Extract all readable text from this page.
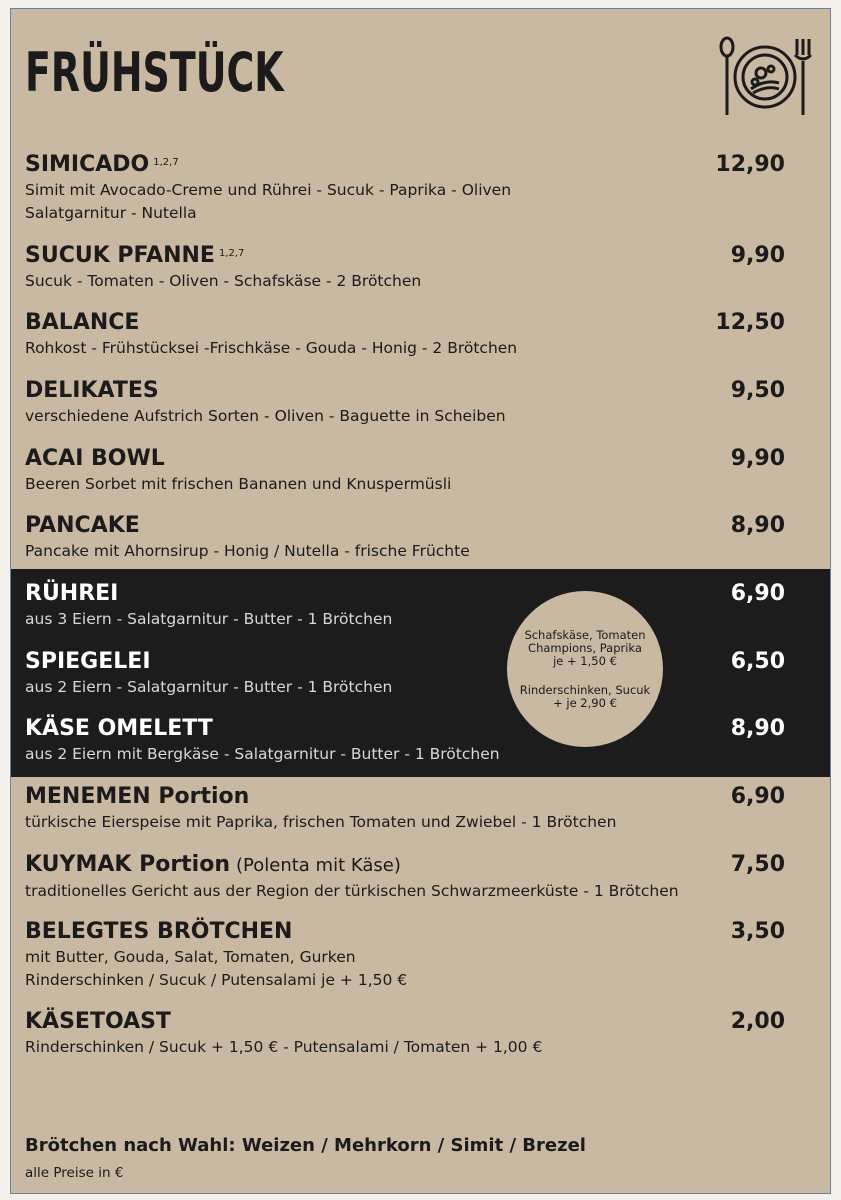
FRÜHSTÜCK
SIMICADO $^{1,2,7}$
Simit mit Avocado-Creme und Rührei - Sucuk - Paprika - Oliven
Salatgarnitur - Nutella
12,90
SUCUK PFANNE $^{1,2,7}$
Sucuk - Tomaten - Oliven - Schafskäse - 2 Brötchen
9,90
BALANCE
Rohkost - Frühstücksei -Frischkäse - Gouda - Honig - 2 Brötchen
12,50
DELIKATES
verschiedene Aufstrich Sorten - Oliven - Baguette in Scheiben
9,50
ACAI BOWL
Beeren Sorbet mit frischen Bananen und Knuspermüsli
9,90
PANCAKE
Pancake mit Ahornsirup - Honig / Nutella - frische Früchte
8,90
RÜHREI
aus 3 Eiern - Salatgarnitur - Butter - 1 Brötchen
6,90
SPIEGELEI
aus 2 Eiern - Salatgarnitur - Butter - 1 Brötchen
6,50
KÄSE OMELETT
aus 2 Eiern mit Bergkäse - Salatgarnitur - Butter - 1 Brötchen
8,90
Schafskäse, Tomaten
Champions, Paprika
je + 1,50 €
Rinderschinken, Sucuk
+ je 2,90 €
MENEMEN Portion
türkische Eierspeise mit Paprika, frischen Tomaten und Zwiebel - 1 Brötchen
6,90
KUYMAK Portion (Polenta mit Käse)
traditionelles Gericht aus der Region der türkischen Schwarzmeerküste - 1 Brötchen
7,50
BELEGTES BRÖTCHEN
mit Butter, Gouda, Salat, Tomaten, Gurken
Rinderschinken / Sucuk / Putensalami je + 1,50 €
3,50
KÄSETOAST
Rinderschinken / Sucuk + 1,50 € - Putensalami / Tomaten + 1,00 €
2,00
Brötchen nach Wahl: Weizen / Mehrkorn / Simit / Brezel
alle Preise in €
